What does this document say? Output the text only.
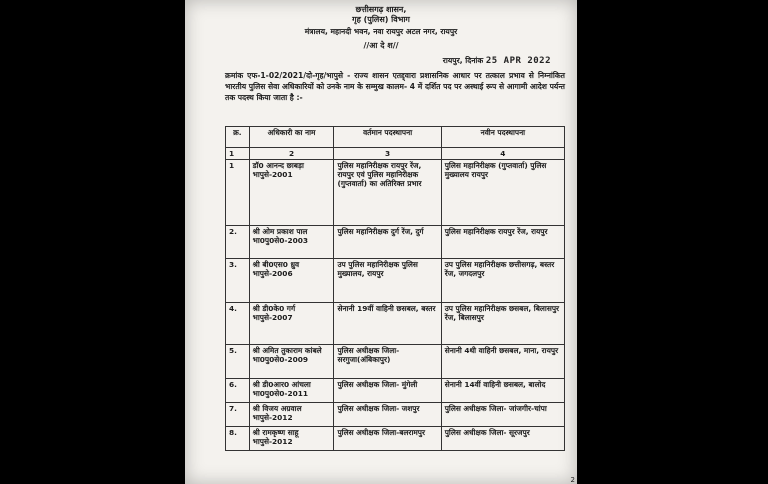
छत्तीसगढ़ शासन,
गृह (पुलिस) विभाग
मंत्रालय, महानदी भवन, नवा रायपुर अटल नगर, रायपुर
//आ दे श//
रायपुर, दिनांक 25 APR 2022
क्रमांक एफ-1-02/2021/दो-गृह/भापुसे - राज्य शासन एतद्द्वारा प्रशासनिक आधार पर तत्काल प्रभाव से निम्नांकित भारतीय पुलिस सेवा अधिकारियों को उनके नाम के सम्मुख कालम- 4 में दर्शित पद पर अस्थाई रूप से आगामी आदेश पर्यन्त तक पदस्थ किया जाता है :-
क्र.	अधिकारी का नाम	वर्तमान पदस्थापना	नवीन पदस्थापना
1	2	3	4
1	डॉ0 आनन्द छाबड़ा
भापुसे-2001	पुलिस महानिरीक्षक रायपुर रेंज, रायपुर एवं पुलिस महानिरीक्षक (गुप्तवार्ता) का अतिरिक्त प्रभार	पुलिस महानिरीक्षक (गुप्तवार्ता) पुलिस मुख्यालय रायपुर
2.	श्री ओम प्रकाश पाल
भा0पु0से0-2003	पुलिस महानिरीक्षक दुर्ग रेंज, दुर्ग	पुलिस महानिरीक्षक रायपुर रेंज, रायपुर
3.	श्री बी0एस0 ध्रुव
भापुसे-2006	उप पुलिस महानिरीक्षक पुलिस मुख्यालय, रायपुर	उप पुलिस महानिरीक्षक छत्तीसगढ़, बस्तर रेंज, जगदलपुर
4.	श्री डी0के0 गर्ग
भापुसे-2007	सेनानी 19वीं वाहिनी छसबल, बस्तर	उप पुलिस महानिरीक्षक छसबल, बिलासपुर रेंज, बिलासपुर
5.	श्री अमित तुकाराम कांबले
भा0पु0से0-2009	पुलिस अधीक्षक जिला-सरगुजा(अंबिकापुर)	सेनानी 4थी वाहिनी छसबल, माना, रायपुर
6.	श्री डी0आर0 आंचला
भा0पु0से0-2011	पुलिस अधीक्षक जिला- मुंगेली	सेनानी 14वीं वाहिनी छसबल, बालोद
7.	श्री विजय अग्रवाल
भापुसे-2012	पुलिस अधीक्षक जिला- जशपुर	पुलिस अधीक्षक जिला- जांजगीर-चांपा
8.	श्री रामकृष्ण साहू
भापुसे-2012	पुलिस अधीक्षक जिला-बलरामपुर	पुलिस अधीक्षक जिला- सूरजपुर
2
